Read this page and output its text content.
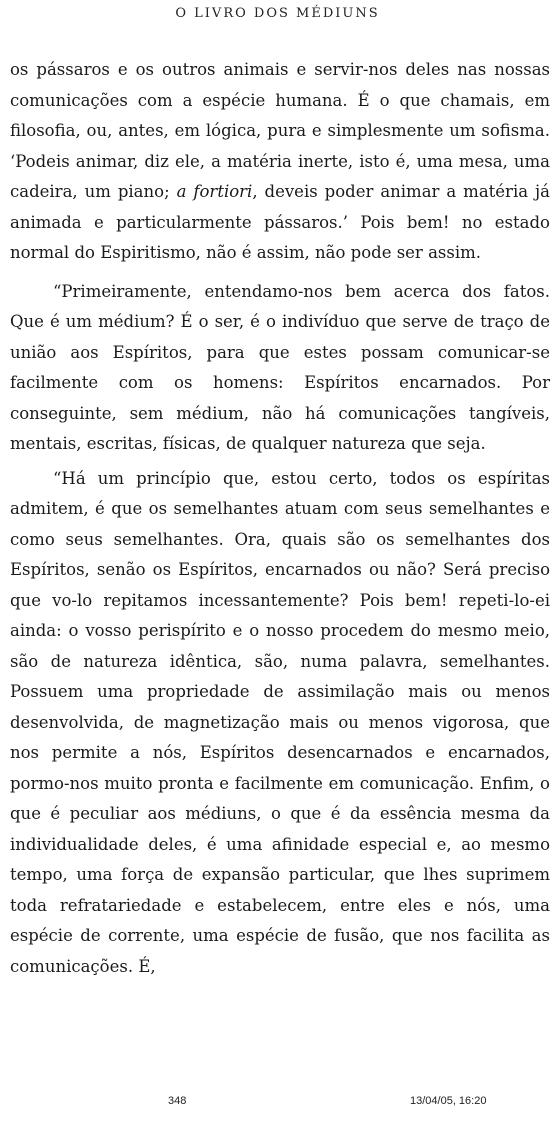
O LIVRO DOS MÉDIUNS

os pássaros e os outros animais e servir-nos deles nas nossas comunicações com a espécie humana. É o que chamais, em filosofia, ou, antes, em lógica, pura e simplesmente um sofisma. ‘Podeis animar, diz ele, a matéria inerte, isto é, uma mesa, uma cadeira, um piano; a fortiori, deveis poder animar a matéria já animada e particularmente pássaros.’ Pois bem! no estado normal do Espiritismo, não é assim, não pode ser assim.

“Primeiramente, entendamo-nos bem acerca dos fatos. Que é um médium? É o ser, é o indivíduo que serve de traço de união aos Espíritos, para que estes possam comunicar-se facilmente com os homens: Espíritos encarnados. Por conseguinte, sem médium, não há comunicações tangíveis, mentais, escritas, físicas, de qualquer natureza que seja.

“Há um princípio que, estou certo, todos os espíritas admitem, é que os semelhantes atuam com seus semelhantes e como seus semelhantes. Ora, quais são os semelhantes dos Espíritos, senão os Espíritos, encarnados ou não? Será preciso que vo-lo repitamos incessantemente? Pois bem! repeti-lo-ei ainda: o vosso perispírito e o nosso procedem do mesmo meio, são de natureza idêntica, são, numa palavra, semelhantes. Possuem uma propriedade de assimilação mais ou menos desenvolvida, de magnetização mais ou menos vigorosa, que nos permite a nós, Espíritos desencarnados e encarnados, pormo-nos muito pronta e facilmente em comunicação. Enfim, o que é peculiar aos médiuns, o que é da essência mesma da individualidade deles, é uma afinidade especial e, ao mesmo tempo, uma força de expansão particular, que lhes suprimem toda refratariedade e estabelecem, entre eles e nós, uma espécie de corrente, uma espécie de fusão, que nos facilita as comunicações. É,

348	13/04/05, 16:20
